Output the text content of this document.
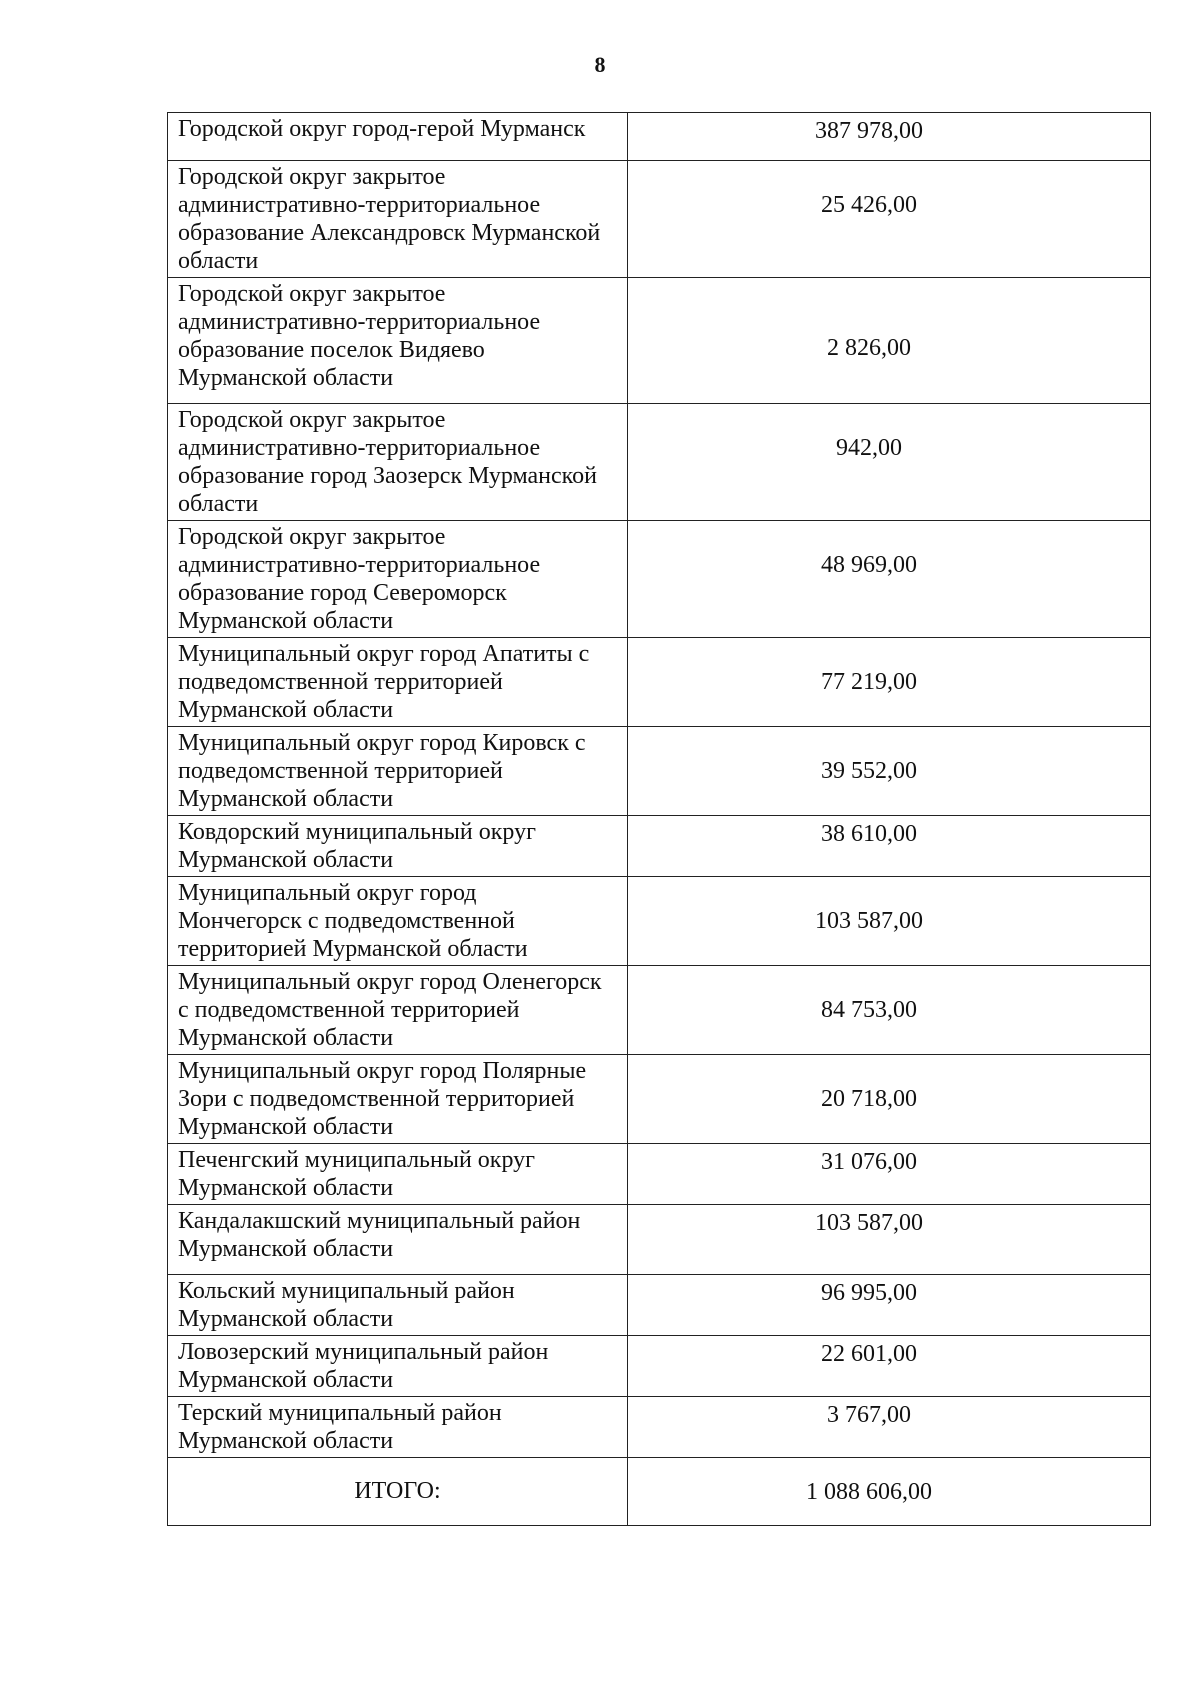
8
Городской округ город-герой Мурманск	387 978,00

Городской округ закрытое
административно-территориальное
образование Александровск Мурманской
области	25 426,00

Городской округ закрытое
административно-территориальное
образование поселок Видяево
Мурманской области	2 826,00

Городской округ закрытое
административно-территориальное
образование город Заозерск Мурманской
области	942,00

Городской округ закрытое
административно-территориальное
образование город Североморск
Мурманской области	48 969,00

Муниципальный округ город Апатиты с
подведомственной территорией
Мурманской области	77 219,00

Муниципальный округ город Кировск с
подведомственной территорией
Мурманской области	39 552,00

Ковдорский муниципальный округ
Мурманской области	38 610,00

Муниципальный округ город
Мончегорск с подведомственной
территорией Мурманской области	103 587,00

Муниципальный округ город Оленегорск
с подведомственной территорией
Мурманской области	84 753,00

Муниципальный округ город Полярные
Зори с подведомственной территорией
Мурманской области	20 718,00

Печенгский муниципальный округ
Мурманской области	31 076,00

Кандалакшский муниципальный район
Мурманской области	103 587,00

Кольский муниципальный район
Мурманской области	96 995,00

Ловозерский муниципальный район
Мурманской области	22 601,00

Терский муниципальный район
Мурманской области	3 767,00
ИТОГО:	1 088 606,00
